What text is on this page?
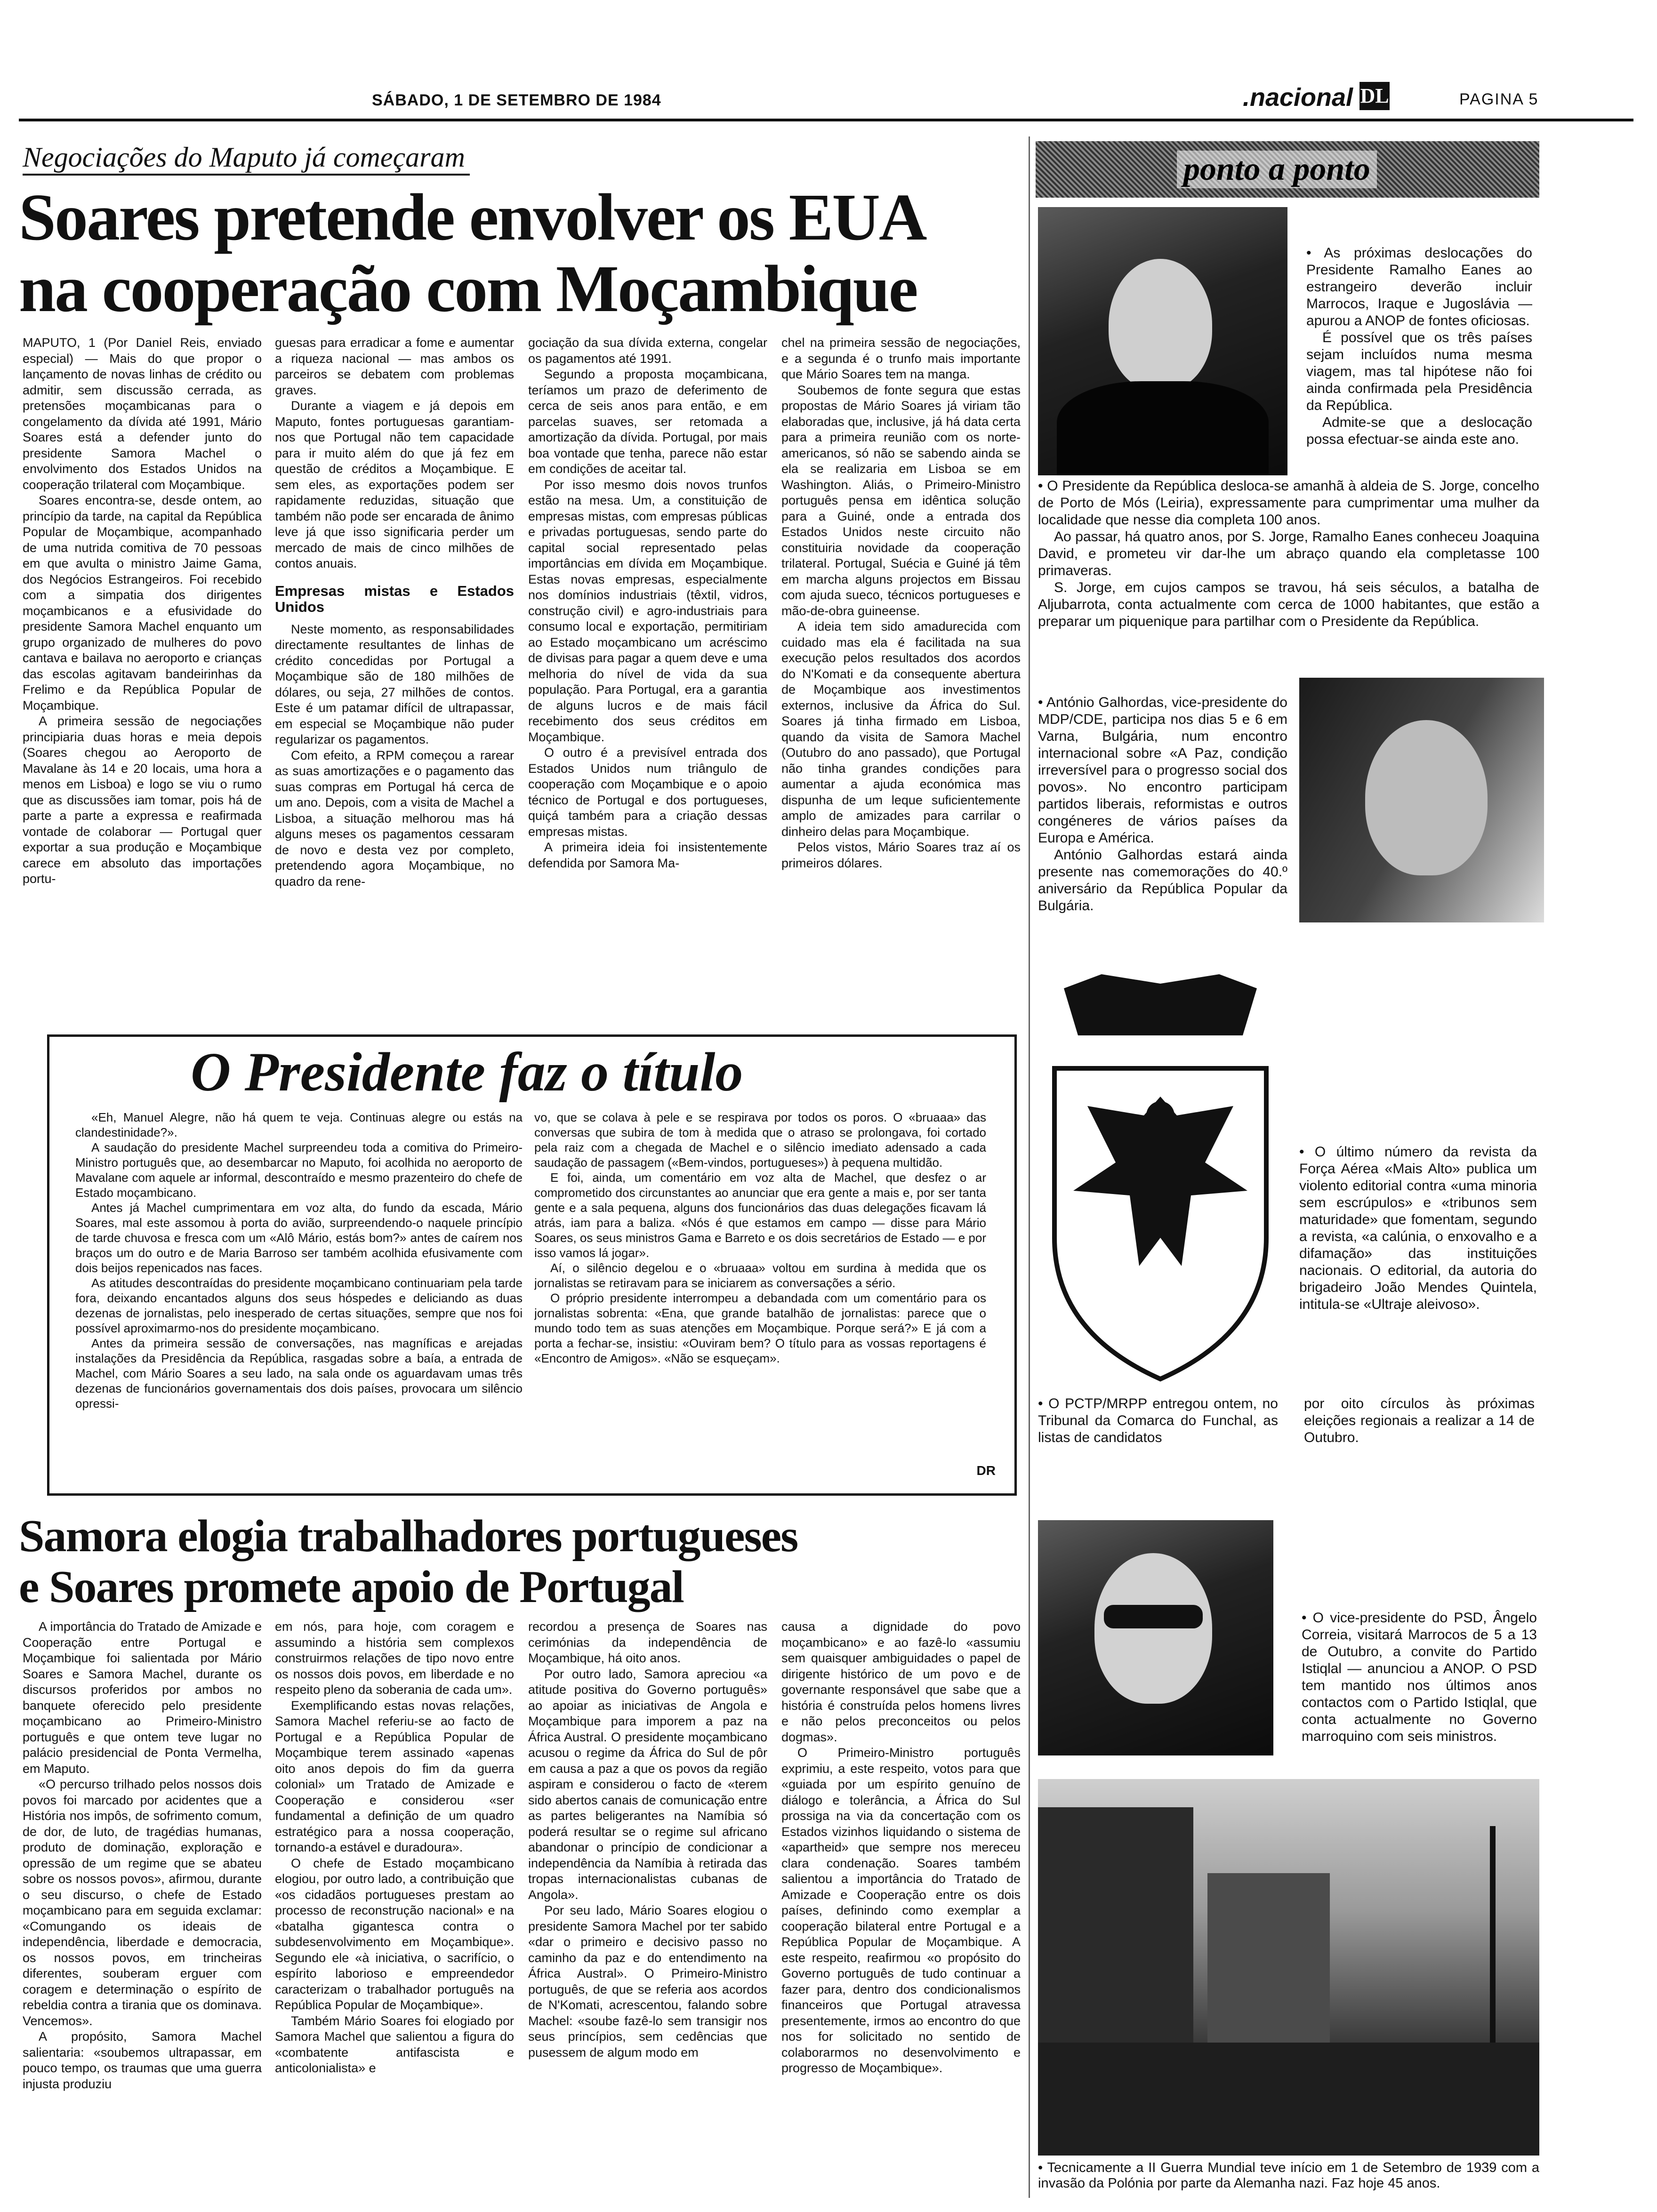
SÁBADO, 1 DE SETEMBRO DE 1984	.nacional DL	PAGINA 5
Negociações do Maputo já começaram
Soares pretende envolver os EUA
na cooperação com Moçambique

MAPUTO, 1 (Por Daniel Reis, enviado especial) — Mais do que propor o lançamento de novas linhas de crédito ou admitir, sem discussão cerrada, as pretensões moçambicanas para o congelamento da dívida até 1991, Mário Soares está a defender junto do presidente Samora Machel o envolvimento dos Estados Unidos na cooperação trilateral com Moçambique.

Soares encontra-se, desde ontem, ao princípio da tarde, na capital da República Popular de Moçambique, acompanhado de uma nutrida comitiva de 70 pessoas em que avulta o ministro Jaime Gama, dos Negócios Estrangeiros. Foi recebido com a simpatia dos dirigentes moçambicanos e a efusividade do presidente Samora Machel enquanto um grupo organizado de mulheres do povo cantava e bailava no aeroporto e crianças das escolas agitavam bandeirinhas da Frelimo e da República Popular de Moçambique.

A primeira sessão de negociações principiaria duas horas e meia depois (Soares chegou ao Aeroporto de Mavalane às 14 e 20 locais, uma hora a menos em Lisboa) e logo se viu o rumo que as discussões iam tomar, pois há de parte a parte a expressa e reafirmada vontade de colaborar — Portugal quer exportar a sua produção e Moçambique carece em absoluto das importações portu-

guesas para erradicar a fome e aumentar a riqueza nacional — mas ambos os parceiros se debatem com problemas graves.

Durante a viagem e já depois em Maputo, fontes portuguesas garantiam-nos que Portugal não tem capacidade para ir muito além do que já fez em questão de créditos a Moçambique. E sem eles, as exportações podem ser rapidamente reduzidas, situação que também não pode ser encarada de ânimo leve já que isso significaria perder um mercado de mais de cinco milhões de contos anuais.

Empresas mistas e Estados Unidos

Neste momento, as responsabilidades directamente resultantes de linhas de crédito concedidas por Portugal a Moçambique são de 180 milhões de dólares, ou seja, 27 milhões de contos. Este é um patamar difícil de ultrapassar, em especial se Moçambique não puder regularizar os pagamentos.

Com efeito, a RPM começou a rarear as suas amortizações e o pagamento das suas compras em Portugal há cerca de um ano. Depois, com a visita de Machel a Lisboa, a situação melhorou mas há alguns meses os pagamentos cessaram de novo e desta vez por completo, pretendendo agora Moçambique, no quadro da rene-

gociação da sua dívida externa, congelar os pagamentos até 1991.

Segundo a proposta moçambicana, teríamos um prazo de deferimento de cerca de seis anos para então, e em parcelas suaves, ser retomada a amortização da dívida. Portugal, por mais boa vontade que tenha, parece não estar em condições de aceitar tal.

Por isso mesmo dois novos trunfos estão na mesa. Um, a constituição de empresas mistas, com empresas públicas e privadas portuguesas, sendo parte do capital social representado pelas importâncias em dívida em Moçambique. Estas novas empresas, especialmente nos domínios industriais (têxtil, vidros, construção civil) e agro-industriais para consumo local e exportação, permitiriam ao Estado moçambicano um acréscimo de divisas para pagar a quem deve e uma melhoria do nível de vida da sua população. Para Portugal, era a garantia de alguns lucros e de mais fácil recebimento dos seus créditos em Moçambique.

O outro é a previsível entrada dos Estados Unidos num triângulo de cooperação com Moçambique e o apoio técnico de Portugal e dos portugueses, quiçá também para a criação dessas empresas mistas.

A primeira ideia foi insistentemente defendida por Samora Ma-

chel na primeira sessão de negociações, e a segunda é o trunfo mais importante que Mário Soares tem na manga.

Soubemos de fonte segura que estas propostas de Mário Soares já viriam tão elaboradas que, inclusive, já há data certa para a primeira reunião com os norte-americanos, só não se sabendo ainda se ela se realizaria em Lisboa se em Washington. Aliás, o Primeiro-Ministro português pensa em idêntica solução para a Guiné, onde a entrada dos Estados Unidos neste circuito não constituiria novidade da cooperação trilateral. Portugal, Suécia e Guiné já têm em marcha alguns projectos em Bissau com ajuda sueco, técnicos portugueses e mão-de-obra guineense.

A ideia tem sido amadurecida com cuidado mas ela é facilitada na sua execução pelos resultados dos acordos do N'Komati e da consequente abertura de Moçambique aos investimentos externos, inclusive da África do Sul. Soares já tinha firmado em Lisboa, quando da visita de Samora Machel (Outubro do ano passado), que Portugal não tinha grandes condições para aumentar a ajuda económica mas dispunha de um leque suficientemente amplo de amizades para carrilar o dinheiro delas para Moçambique.

Pelos vistos, Mário Soares traz aí os primeiros dólares.

O Presidente faz o título

«Eh, Manuel Alegre, não há quem te veja. Continuas alegre ou estás na clandestinidade?».

A saudação do presidente Machel surpreendeu toda a comitiva do Primeiro-Ministro português que, ao desembarcar no Maputo, foi acolhida no aeroporto de Mavalane com aquele ar informal, descontraído e mesmo prazenteiro do chefe de Estado moçambicano.

Antes já Machel cumprimentara em voz alta, do fundo da escada, Mário Soares, mal este assomou à porta do avião, surpreendendo-o naquele princípio de tarde chuvosa e fresca com um «Alô Mário, estás bom?» antes de caírem nos braços um do outro e de Maria Barroso ser também acolhida efusivamente com dois beijos repenicados nas faces.

As atitudes descontraídas do presidente moçambicano continuariam pela tarde fora, deixando encantados alguns dos seus hóspedes e deliciando as duas dezenas de jornalistas, pelo inesperado de certas situações, sempre que nos foi possível aproximarmo-nos do presidente moçambicano.

Antes da primeira sessão de conversações, nas magníficas e arejadas instalações da Presidência da República, rasgadas sobre a baía, a entrada de Machel, com Mário Soares a seu lado, na sala onde os aguardavam umas três dezenas de funcionários governamentais dos dois países, provocara um silêncio opressi-

vo, que se colava à pele e se respirava por todos os poros. O «bruaaa» das conversas que subira de tom à medida que o atraso se prolongava, foi cortado pela raiz com a chegada de Machel e o silêncio imediato adensado a cada saudação de passagem («Bem-vindos, portugueses») à pequena multidão.

E foi, ainda, um comentário em voz alta de Machel, que desfez o ar comprometido dos circunstantes ao anunciar que era gente a mais e, por ser tanta gente e a sala pequena, alguns dos funcionários das duas delegações ficavam lá atrás, iam para a baliza. «Nós é que estamos em campo — disse para Mário Soares, os seus ministros Gama e Barreto e os dois secretários de Estado — e por isso vamos lá jogar».

Aí, o silêncio degelou e o «bruaaa» voltou em surdina à medida que os jornalistas se retiravam para se iniciarem as conversações a sério.

O próprio presidente interrompeu a debandada com um comentário para os jornalistas sobrenta: «Ena, que grande batalhão de jornalistas: parece que o mundo todo tem as suas atenções em Moçambique. Porque será?» E já com a porta a fechar-se, insistiu: «Ouviram bem? O título para as vossas reportagens é «Encontro de Amigos». «Não se esqueçam».

DR
Samora elogia trabalhadores portugueses
e Soares promete apoio de Portugal

A importância do Tratado de Amizade e Cooperação entre Portugal e Moçambique foi salientada por Mário Soares e Samora Machel, durante os discursos proferidos por ambos no banquete oferecido pelo presidente moçambicano ao Primeiro-Ministro português e que ontem teve lugar no palácio presidencial de Ponta Vermelha, em Maputo.

«O percurso trilhado pelos nossos dois povos foi marcado por acidentes que a História nos impôs, de sofrimento comum, de dor, de luto, de tragédias humanas, produto de dominação, exploração e opressão de um regime que se abateu sobre os nossos povos», afirmou, durante o seu discurso, o chefe de Estado moçambicano para em seguida exclamar: «Comungando os ideais de independência, liberdade e democracia, os nossos povos, em trincheiras diferentes, souberam erguer com coragem e determinação o espírito de rebeldia contra a tirania que os dominava. Vencemos».

A propósito, Samora Machel salientaria: «soubemos ultrapassar, em pouco tempo, os traumas que uma guerra injusta produziu

em nós, para hoje, com coragem e assumindo a história sem complexos construirmos relações de tipo novo entre os nossos dois povos, em liberdade e no respeito pleno da soberania de cada um».

Exemplificando estas novas relações, Samora Machel referiu-se ao facto de Portugal e a República Popular de Moçambique terem assinado «apenas oito anos depois do fim da guerra colonial» um Tratado de Amizade e Cooperação e considerou «ser fundamental a definição de um quadro estratégico para a nossa cooperação, tornando-a estável e duradoura».

O chefe de Estado moçambicano elogiou, por outro lado, a contribuição que «os cidadãos portugueses prestam ao processo de reconstrução nacional» e na «batalha gigantesca contra o subdesenvolvimento em Moçambique». Segundo ele «à iniciativa, o sacrifício, o espírito laborioso e empreendedor caracterizam o trabalhador português na República Popular de Moçambique».

Também Mário Soares foi elogiado por Samora Machel que salientou a figura do «combatente antifascista e anticolonialista» e

recordou a presença de Soares nas cerimónias da independência de Moçambique, há oito anos.

Por outro lado, Samora apreciou «a atitude positiva do Governo português» ao apoiar as iniciativas de Angola e Moçambique para imporem a paz na África Austral. O presidente moçambicano acusou o regime da África do Sul de pôr em causa a paz a que os povos da região aspiram e considerou o facto de «terem sido abertos canais de comunicação entre as partes beligerantes na Namíbia só poderá resultar se o regime sul africano abandonar o princípio de condicionar a independência da Namíbia à retirada das tropas internacionalistas cubanas de Angola».

Por seu lado, Mário Soares elogiou o presidente Samora Machel por ter sabido «dar o primeiro e decisivo passo no caminho da paz e do entendimento na África Austral». O Primeiro-Ministro português, de que se referia aos acordos de N'Komati, acrescentou, falando sobre Machel: «soube fazê-lo sem transigir nos seus princípios, sem cedências que pusessem de algum modo em

causa a dignidade do povo moçambicano» e ao fazê-lo «assumiu sem quaisquer ambiguidades o papel de dirigente histórico de um povo e de governante responsável que sabe que a história é construída pelos homens livres e não pelos preconceitos ou pelos dogmas».

O Primeiro-Ministro português exprimiu, a este respeito, votos para que «guiada por um espírito genuíno de diálogo e tolerância, a África do Sul prossiga na via da concertação com os Estados vizinhos liquidando o sistema de «apartheid» que sempre nos mereceu clara condenação. Soares também salientou a importância do Tratado de Amizade e Cooperação entre os dois países, definindo como exemplar a cooperação bilateral entre Portugal e a República Popular de Moçambique. A este respeito, reafirmou «o propósito do Governo português de tudo continuar a fazer para, dentro dos condicionalismos financeiros que Portugal atravessa presentemente, irmos ao encontro do que nos for solicitado no sentido de colaborarmos no desenvolvimento e progresso de Moçambique».

ponto a ponto

• As próximas deslocações do Presidente Ramalho Eanes ao estrangeiro deverão incluir Marrocos, Iraque e Jugoslávia — apurou a ANOP de fontes oficiosas.

É possível que os três países sejam incluídos numa mesma viagem, mas tal hipótese não foi ainda confirmada pela Presidência da República.

Admite-se que a deslocação possa efectuar-se ainda este ano.

• O Presidente da República desloca-se amanhã à aldeia de S. Jorge, concelho de Porto de Mós (Leiria), expressamente para cumprimentar uma mulher da localidade que nesse dia completa 100 anos.

Ao passar, há quatro anos, por S. Jorge, Ramalho Eanes conheceu Joaquina David, e prometeu vir dar-lhe um abraço quando ela completasse 100 primaveras.

S. Jorge, em cujos campos se travou, há seis séculos, a batalha de Aljubarrota, conta actualmente com cerca de 1000 habitantes, que estão a preparar um piquenique para partilhar com o Presidente da República.

• António Galhordas, vice-presidente do MDP/CDE, participa nos dias 5 e 6 em Varna, Bulgária, num encontro internacional sobre «A Paz, condição irreversível para o progresso social dos povos». No encontro participam partidos liberais, reformistas e outros congéneres de vários países da Europa e América.

António Galhordas estará ainda presente nas comemorações do 40.º aniversário da República Popular da Bulgária.

• O último número da revista da Força Aérea «Mais Alto» publica um violento editorial contra «uma minoria sem escrúpulos» e «tribunos sem maturidade» que fomentam, segundo a revista, «a calúnia, o enxovalho e a difamação» das instituições nacionais. O editorial, da autoria do brigadeiro João Mendes Quintela, intitula-se «Ultraje aleivoso».

• O PCTP/MRPP entregou ontem, no Tribunal da Comarca do Funchal, as listas de candidatos

por oito círculos às próximas eleições regionais a realizar a 14 de Outubro.

• O vice-presidente do PSD, Ângelo Correia, visitará Marrocos de 5 a 13 de Outubro, a convite do Partido Istiqlal — anunciou a ANOP. O PSD tem mantido nos últimos anos contactos com o Partido Istiqlal, que conta actualmente no Governo marroquino com seis ministros.

• Tecnicamente a II Guerra Mundial teve início em 1 de Setembro de 1939 com a invasão da Polónia por parte da Alemanha nazi. Faz hoje 45 anos.
